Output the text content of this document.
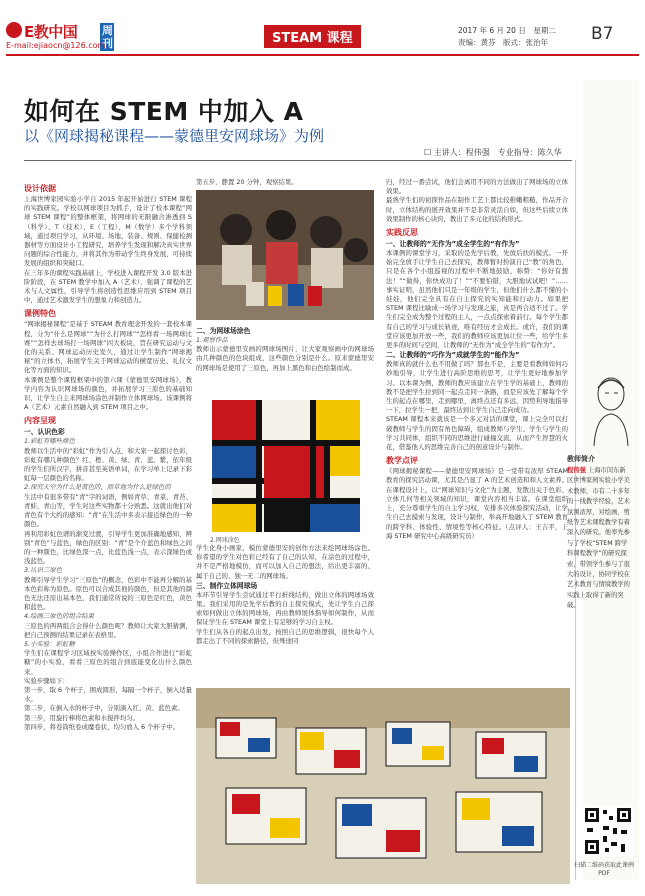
E教中国 周刊
E-mail:ejiaocn@126.com	STEAM 课程
2017 年 6 月 20 日　星期二
责编：黄芬　版式：张治年	B7
如何在 STEM 中加入 A
以《网球揭秘课程——蒙德里安网球场》为例
☐ 主讲人：程伟强　专业指导：陈久华
设计依据

上海世博家园实验小学自 2015 年起开始进行 STEM 课程的实践研究。学校以网球项目为抓手，设计了校本课程“网球 STEM 课程”的整体框架，将网球的无限融合渗透到 S（科学）、T（技术）、E（工程）、M（数学）多个学科领域，通过项目学习，从环境、场地、装备、规则、保健检测器材等方面设计小工程研究，培养学生发现和解决真实世界问题的综合性能力，并将其作为带动学生终身发展、可持续发展的组织和突破口。

在三年多的课程实践基础上，学校进入课程开发 3.0 版本进阶阶段，在 STEM 教学中加入 A（艺术），强调了课程的艺术与人文属性，引导学生将创造性思维应用到 STEM 项目中，通过艺术激发学生的想象力和创造力。

课例特色

“网球揭秘课程”是基于 STEAM 教育理念开发的一套校本课程，分为“什么是网球”“为什么打网球”“怎样看一场网球比赛”“怎样去球场打一场网球”四大板块，旨在研究运动与文化的关系、网球运动历史发久，通过让学生制作“网球揭秘”的立体书，拓展学生关于网球运动的横宽历史、礼仪文化等方面的知识。

本课例是整个课程框架中的第六课《蒙德里安网球场》，教学内容为认识网球场的颜色，并拓展学习三原色的基础知识，让学生自主来网球场涂色并制作立体网球场。该课例将 A（艺术）元素自然融入到 STEM 项目之中。

内容呈现
一、认识色彩
1.彩虹有哪些颜色

教师以生活中的“彩虹”作为引入点，和大家一起探讨色彩，彩虹有哪几种颜色？红、橙、黄、绿、青、蓝、紫，依年级的学生们所汉字，拼音甚至英语单词，在学习单上记录下彩虹每一层颜色的名称。

2.探究天空为什么是蓝色的，而草地为什么是绿色的

生活中有很多带有“青”字的词语，例如青草、青菜、青苔、青蛙、青山等，学生对这些实物都十分熟悉。这就出他们对青色有个大约的感知：“青”在生活中多表示接近绿色的一种颜色。

再利用彩虹色谱的渐变过渡，引导学生更加准确地感知，辨别“青色”与蓝色，绿色的区别：“青”是个介蓝色和绿色之间的一种颜色，比绿色深一点，比蓝色浅一点，表示深绿色或浅蓝色。

3.认识三原色

教师引导学生学习“三原色”的概念，色彩中不能再分解的基本色彩称为原色。原色可以合成其他的颜色，但是其他的颜色无法还原出基本色，我们通常所说的三原色是红色，黄色和蓝色。

4.绘画三原色的组合结果

三原色的两两组合会得什么颜色呢？教师让大家大胆猜测，把自己预测的结果记录在表格里。

5.小实验：彩虹糖

学生们在课程学习区域按实验操作区，小组合作进行“彩虹糖”的小实验，看看三原色的组合到底能变化出什么颜色来。

实验步骤如下：

第一步，取 6 个杯子，围成圆形，每隔一个杯子，倒入适量水。

第二步，在倒入水的杯子中，分别滴入红、黄、蓝色素。

第三步，用旋拧棒将色素和水搅拌均匀。

第四步，将卷筒纸卷成魔卷状，均匀放入 6 个杯子中。

第五步，静置 20 分钟，观察结果。

二、为网球场涂色
1.观察作品

教师出示蒙德里安画的网球场图片，让大家观察画中的网球场由几种颜色的色块组成，这些颜色分别是什么。原来蒙德里安的网球场是使用了三原色，再加上黑色和白色绘制而成。

2.网球涂色

学生化身小画家，模仿蒙德里安的创作方法来绘网球场涂色。你希望的学生对色彩已经有了自己的认知，在涂色的过程中，并不是严格地模仿，而可以加入自己的想法，给出更丰富的、属于自己的、独一无二的网球场。

三、制作立体网球场

本环节引导学生尝试通过平行折线结构，做出立体的网球场效果。我们采用的是先学后教的自主探究模式，先让学生自己探索如何做出立体的网球场，再由教师展体指导如何制作，从而保证学生在 STEAM 课堂上有足够的学习自主权。

学生们从各自的起点出发，按照自己的思维逻辑，很快每个人都走出了不同的探索路径，但殊途同

归，经过一番尝试，他们会离用不同的方法做出了网球场的立体效果。

最熟学生们的初探作品在制作工艺上都比较稚嫩粗糙，作品开合时，立体结构的展开效果并不是非常灵活自如，但这些后续立体效果制作的核心诀窍，教出了多元化的结构形式。

实践反思
一、让教师的“无作为”成全学生的“有作为”

本课例的课堂学习，采取的是先学后教，先放后扶的模式。一开始完全放手让学生自己去探究，教师暂时扮演自己“教”的角色，只是在各个小组巡视的过程中不断地鼓励、称赞：“你好有想法！”“做得，你快成功了！”“不要怕错，大胆地试试吧！”……事实证明，虽然他们只是一年级的学生，但他们什么都不懂的小娃娃，他们完全具有在自主探究的实知能和行动力。如果把 STEM 课程比喻成一场学习与发现之旅，真是再合适不过了。学生们完全成为整个过程的主人，一点点探索着前行。每个学生都有自己的学习与成长轨迹，唯有经历才会成长。或许，我们的课堂应该更加开放一些，我们的教师应该更加让位一些，给学生多更多的时间与空间，让教师的“无作为”成全学生的“有作为”。

二、让教师的“巧作为”成就学生的“能作为”

教师真的就什么也不用做了吗？那也不是，主要是看教师如何巧妙地引导，让学生进行高阶思维的思考，让学生更好地参加学习。以本课为例，教师的教应该建立在学生学的基础上，教师的教不是把学生拉到同一起点走同一条路，而是应该先了解每个学生的起点在哪里，走到哪里，离终点还有多远，因势利导地指导一下，拉学生一把，最终达到让学生自己走向成功。

STEAM 课程本来就该是一个多元对话的课堂，课上完全可以打破教师与学生的固有角色障碍，组成教师与学生、学生与学生的学习共同体，组织不同的思维进行碰撞交流，从而产生智慧的火花，借鉴他人的思维完善自己的创意设计与制作。

教学点评

《网球揭秘课程——蒙德里安网球场》是一堂带有浓厚 STEAM 教育的探究活动课，尤其是凸显了 A 的艺术创造和和人文素养。在课程设计上，以“网球知识与文化”为主题，发散出关于色彩、立体几何等相关领域的知识，课堂内容相当丰富。在课堂组织上，充分尊重学生的自主学习权，安排多次体验探究活动，让学生自己去摸索与发现，设计与制作，举高开地融入了 STEM 教育的跨学科、体验性、情境性等核心特征。（点评人：王吉平，上海 STEM 研究中心高级研究员）

教师简介
程伟强 上海市闵东新区世博家园实验小学美术教师，市有二十多年的一线教学经验，艺术氛围浓厚，对绘画、剪纸等艺术课程教学有着深入的研究。他率先参与了学校“STEM 跨学科课程教学”的研究探索，带领学生参与了很大的设计，协同学校在艺术教育与情境教学的实践上取得了新的突破。
扫描二维码获取此课例 PDF
